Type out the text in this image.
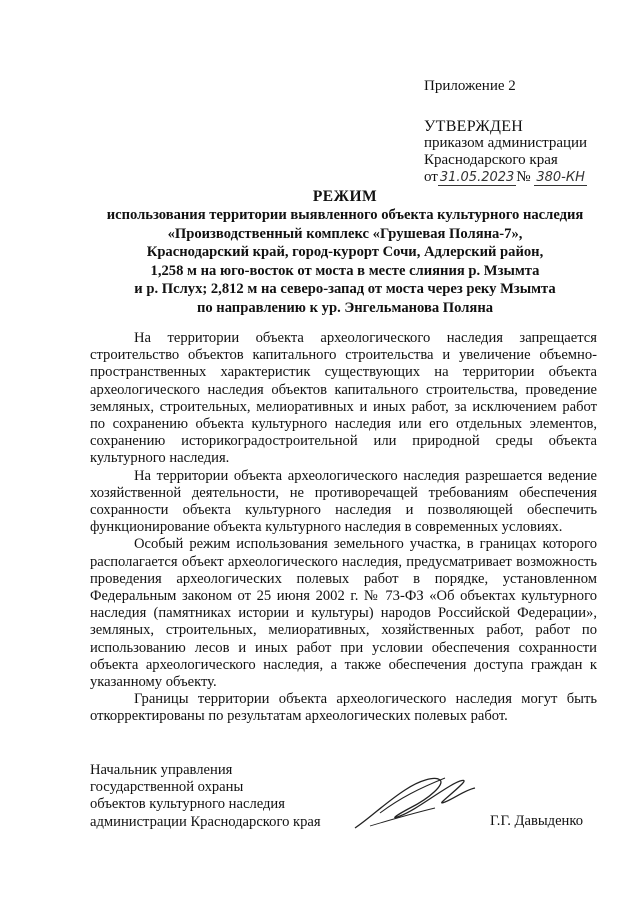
Приложение 2
УТВЕРЖДЕН
приказом администрации
Краснодарского края
от 31.05.2023 № 380-КН
РЕЖИМ
использования территории выявленного объекта культурного наследия
«Производственный комплекс «Грушевая Поляна-7»,
Краснодарский край, город-курорт Сочи, Адлерский район,
1,258 м на юго-восток от моста в месте слияния р. Мзымта
и р. Пслух; 2,812 м на северо-запад от моста через реку Мзымта
по направлению к ур. Энгельманова Поляна

На территории объекта археологического наследия запрещается строительство объектов капитального строительства и увеличение объемно-пространственных характеристик существующих на территории объекта археологического наследия объектов капитального строительства, проведение земляных, строительных, мелиоративных и иных работ, за исключением работ по сохранению объекта культурного наследия или его отдельных элементов, сохранению историкоградостроительной или природной среды объекта культурного наследия.

На территории объекта археологического наследия разрешается ведение хозяйственной деятельности, не противоречащей требованиям обеспечения сохранности объекта культурного наследия и позволяющей обеспечить функционирование объекта культурного наследия в современных условиях.

Особый режим использования земельного участка, в границах которого располагается объект археологического наследия, предусматривает возможность проведения археологических полевых работ в порядке, установленном Федеральным законом от 25 июня 2002 г. № 73-ФЗ «Об объектах культурного наследия (памятниках истории и культуры) народов Российской Федерации», земляных, строительных, мелиоративных, хозяйственных работ, работ по использованию лесов и иных работ при условии обеспечения сохранности объекта археологического наследия, а также обеспечения доступа граждан к указанному объекту.

Границы территории объекта археологического наследия могут быть откорректированы по результатам археологических полевых работ.

Начальник управления
государственной охраны
объектов культурного наследия
администрации Краснодарского края	Г.Г. Давыденко
